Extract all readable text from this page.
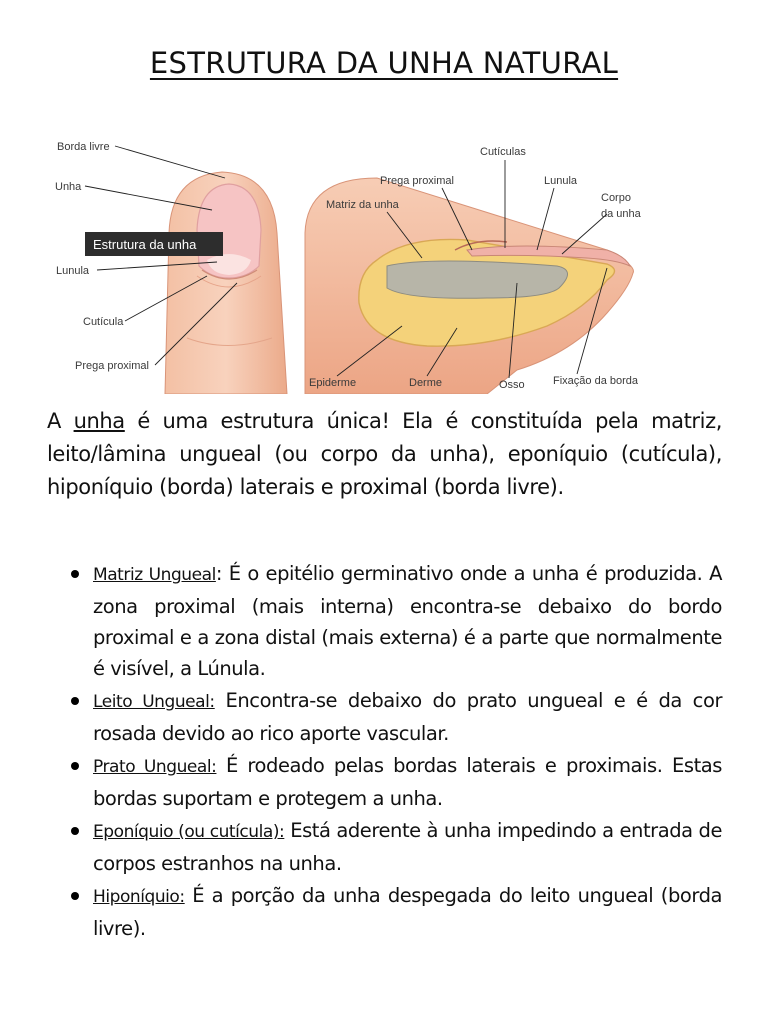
ESTRUTURA DA UNHA NATURAL
Estrutura da unha
Borda livre
Unha
Lunula
Cutícula
Prega proximal
Cutículas
Prega proximal	Lunula
Corpo
da unha
Matriz da unha
Epiderme	Derme	Osso	Fixação da borda

A unha é uma estrutura única! Ela é constituída pela matriz, leito/lâmina ungueal (ou corpo da unha), eponíquio (cutícula), hiponíquio (borda) laterais e proximal (borda livre).

Matriz Ungueal: É o epitélio germinativo onde a unha é produzida. A zona proximal (mais interna) encontra-se debaixo do bordo proximal e a zona distal (mais externa) é a parte que normalmente é visível, a Lúnula.
Leito Ungueal: Encontra-se debaixo do prato ungueal e é da cor rosada devido ao rico aporte vascular.
Prato Ungueal: É rodeado pelas bordas laterais e proximais. Estas bordas suportam e protegem a unha.
Eponíquio (ou cutícula): Está aderente à unha impedindo a entrada de corpos estranhos na unha.
Hiponíquio: É a porção da unha despegada do leito ungueal (borda livre).
